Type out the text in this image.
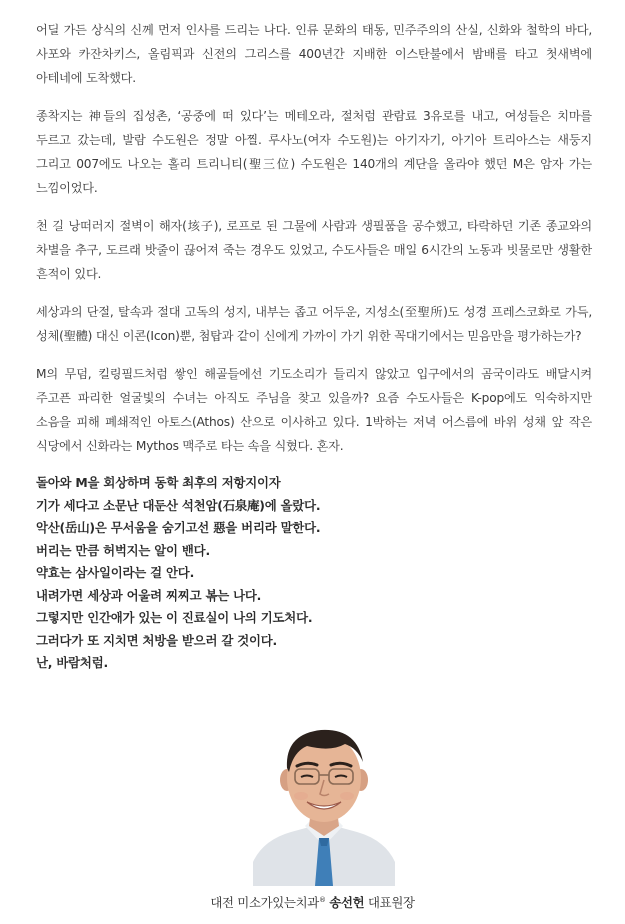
어딜 가든 상식의 신께 먼저 인사를 드리는 나다. 인류 문화의 태동, 민주주의의 산실, 신화와 철학의 바다, 사포와 카잔차키스, 올림픽과 신전의 그리스를 400년간 지배한 이스탄불에서 밤배를 타고 첫새벽에 아테네에 도착했다.

종착지는 神들의 집성촌, ‘공중에 떠 있다’는 메테오라, 절처럼 관람료 3유로를 내고, 여성들은 치마를 두르고 갔는데, 발람 수도원은 정말 아찔. 루사노(여자 수도원)는 아기자기, 아기아 트리아스는 새둥지 그리고 007에도 나오는 홀리 트리니티(聖三位) 수도원은 140개의 계단을 올라야 했던 M은 암자 가는 느낌이었다.

천 길 낭떠러지 절벽이 해자(垓子), 로프로 된 그물에 사람과 생필품을 공수했고, 타락하던 기존 종교와의 차별을 추구, 도르래 밧줄이 끊어져 죽는 경우도 있었고, 수도사들은 매일 6시간의 노동과 빗물로만 생활한 흔적이 있다.

세상과의 단절, 탈속과 절대 고독의 성지, 내부는 좁고 어두운, 지성소(至聖所)도 성경 프레스코화로 가득, 성체(聖體) 대신 이콘(Icon)뿐, 첨탑과 같이 신에게 가까이 가기 위한 꼭대기에서는 믿음만을 평가하는가?

M의 무덤, 킬링필드처럼 쌓인 해골들에선 기도소리가 들리지 않았고 입구에서의 곰국이라도 배달시켜 주고픈 파리한 얼굴빛의 수녀는 아직도 주님을 찾고 있을까? 요즘 수도사들은 K-pop에도 익숙하지만 소음을 피해 폐쇄적인 아토스(Athos) 산으로 이사하고 있다. 1박하는 저녁 어스름에 바위 성채 앞 작은 식당에서 신화라는 Mythos 맥주로 타는 속을 식혔다. 혼자.

돌아와 M을 회상하며 동학 최후의 저항지이자
기가 세다고 소문난 대둔산 석천암(石泉庵)에 올랐다.
악산(岳山)은 무서움을 숨기고선 惡을 버리라 말한다.
버리는 만큼 허벅지는 알이 밴다.
약효는 삼사일이라는 걸 안다.
내려가면 세상과 어울려 찌찌고 볶는 나다.
그렇지만 인간애가 있는 이 진료실이 나의 기도처다.
그러다가 또 지치면 처방을 받으러 갈 것이다.
난, 바람처럼.
대전 미소가있는치과® 송선헌 대표원장
